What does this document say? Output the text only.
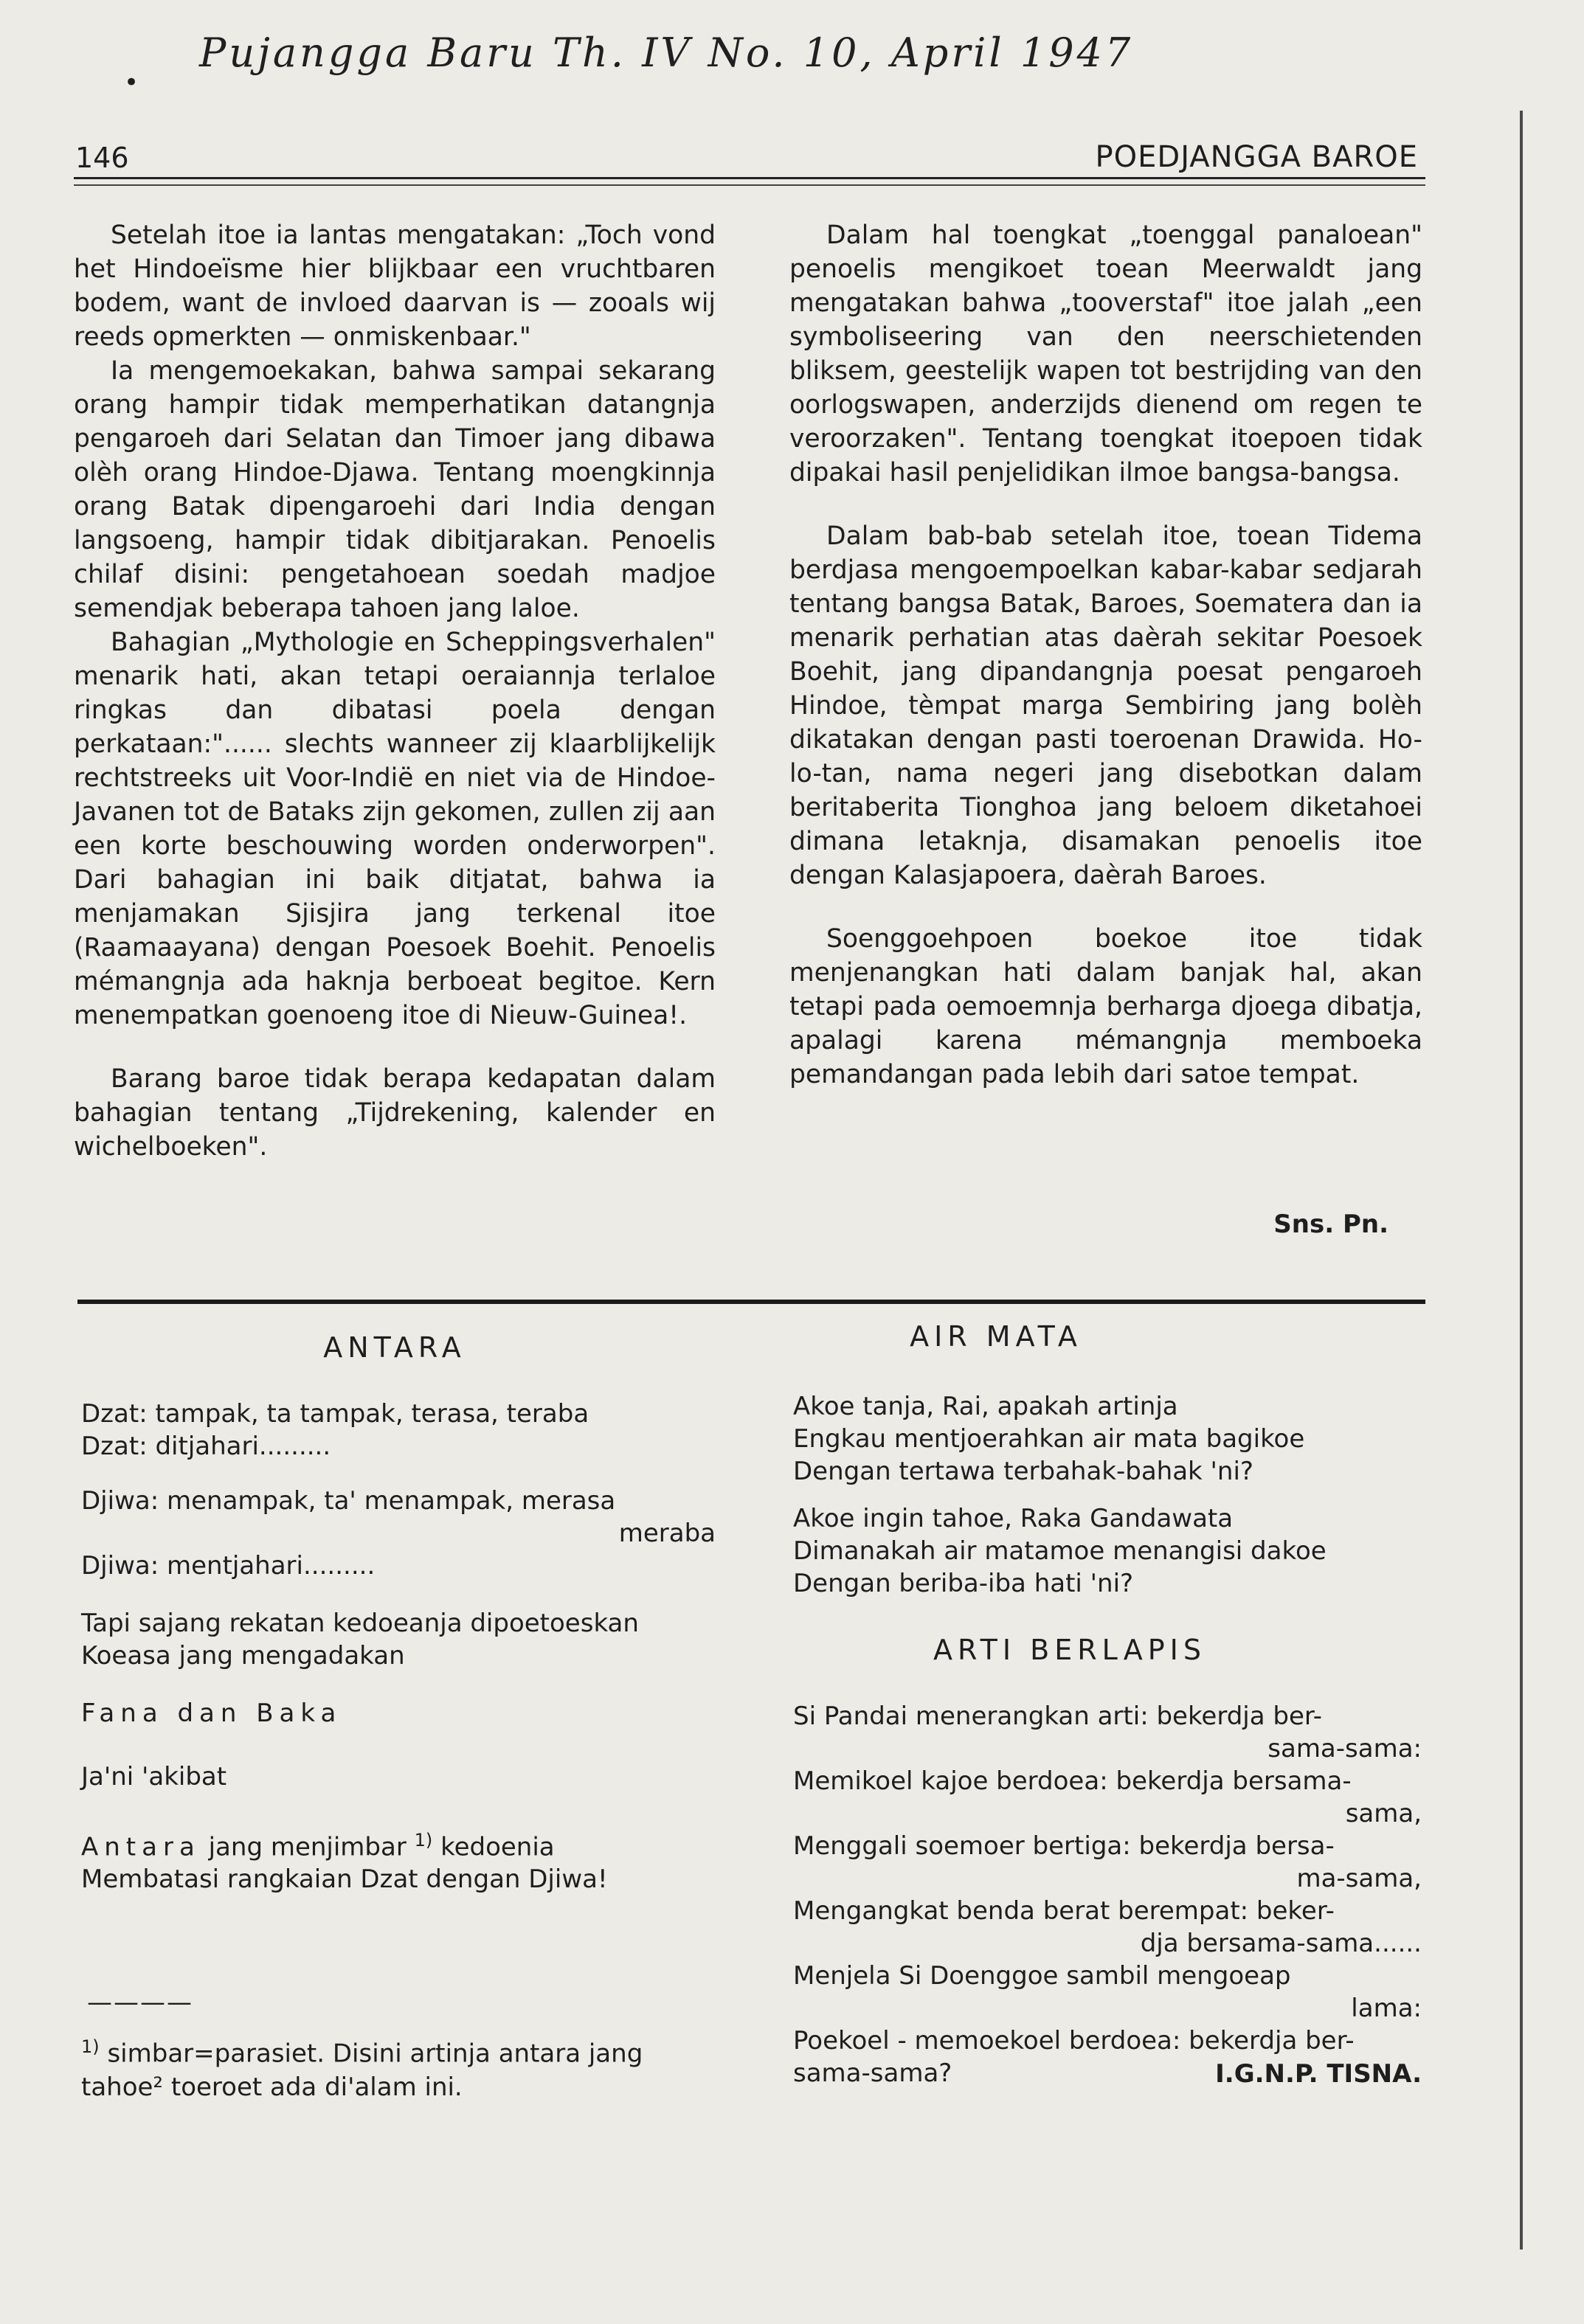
Pujangga Baru Th. IV No. 10, April 1947
•
146	POEDJANGGA BAROE

Setelah itoe ia lantas mengatakan: „Toch vond het Hindoeïsme hier blijkbaar een vruchtbaren bodem, want de invloed daarvan is — zooals wij reeds opmerkten — onmiskenbaar."

Ia mengemoekakan, bahwa sampai sekarang orang hampir tidak memperhatikan datangnja pengaroeh dari Selatan dan Timoer jang dibawa olèh orang Hindoe-Djawa. Tentang moengkinnja orang Batak dipengaroehi dari India dengan langsoeng, hampir tidak dibitjarakan. Penoelis chilaf disini: pengetahoean soedah madjoe semendjak beberapa tahoen jang laloe.

Bahagian „Mythologie en Scheppingsverhalen" menarik hati, akan tetapi oeraiannja terlaloe ringkas dan dibatasi poela dengan perkataan:"...... slechts wanneer zij klaarblijkelijk rechtstreeks uit Voor-Indië en niet via de Hindoe-Javanen tot de Bataks zijn gekomen, zullen zij aan een korte beschouwing worden onderworpen". Dari bahagian ini baik ditjatat, bahwa ia menjamakan Sjisjira jang terkenal itoe (Raamaayana) dengan Poesoek Boehit. Penoelis mémangnja ada haknja berboeat begitoe. Kern menempatkan goenoeng itoe di Nieuw-Guinea!.

Barang baroe tidak berapa kedapatan dalam bahagian tentang „Tijdrekening, kalender en wichelboeken".

Dalam hal toengkat „toenggal panaloean" penoelis mengikoet toean Meerwaldt jang mengatakan bahwa „tooverstaf" itoe jalah „een symboliseering van den neerschietenden bliksem, geestelijk wapen tot bestrijding van den oorlogswapen, anderzijds dienend om regen te veroorzaken". Tentang toengkat itoepoen tidak dipakai hasil penjelidikan ilmoe bangsa-bangsa.

Dalam bab-bab setelah itoe, toean Tidema berdjasa mengoempoelkan kabar-kabar sedjarah tentang bangsa Batak, Baroes, Soematera dan ia menarik perhatian atas daèrah sekitar Poesoek Boehit, jang dipandangnja poesat pengaroeh Hindoe, tèmpat marga Sembiring jang bolèh dikatakan dengan pasti toeroenan Drawida. Ho-lo-tan, nama negeri jang disebotkan dalam beritaberita Tionghoa jang beloem diketahoei dimana letaknja, disamakan penoelis itoe dengan Kalasjapoera, daèrah Baroes.

Soenggoehpoen boekoe itoe tidak menjenangkan hati dalam banjak hal, akan tetapi pada oemoemnja berharga djoega dibatja, apalagi karena mémangnja memboeka pemandangan pada lebih dari satoe tempat.

Sns. Pn.
ANTARA

Dzat: tampak, ta tampak, terasa, teraba

Dzat: ditjahari.........

Djiwa: menampak, ta' menampak, merasa

meraba

Djiwa: mentjahari.........

Tapi sajang rekatan kedoeanja dipoetoeskan

Koeasa jang mengadakan

Fana dan Baka

Ja'ni 'akibat

Antara jang menjimbar $^{1)}$ kedoenia

Membatasi rangkaian Dzat dengan Djiwa!

————
$^{1)}$ simbar=parasiet. Disini artinja antara jang tahoe² toeroet ada di'alam ini.
AIR MATA

Akoe tanja, Rai, apakah artinja

Engkau mentjoerahkan air mata bagikoe

Dengan tertawa terbahak-bahak 'ni?

Akoe ingin tahoe, Raka Gandawata

Dimanakah air matamoe menangisi dakoe

Dengan beriba-iba hati 'ni?

ARTI BERLAPIS

Si Pandai menerangkan arti: bekerdja ber-

sama-sama:

Memikoel kajoe berdoea: bekerdja bersama-

sama,

Menggali soemoer bertiga: bekerdja bersa-

ma-sama,

Mengangkat benda berat berempat: beker-

dja bersama-sama......

Menjela Si Doenggoe sambil mengoeap

lama:

Poekoel - memoekoel berdoea: bekerdja ber-

sama-sama?	I.G.N.P. TISNA.
